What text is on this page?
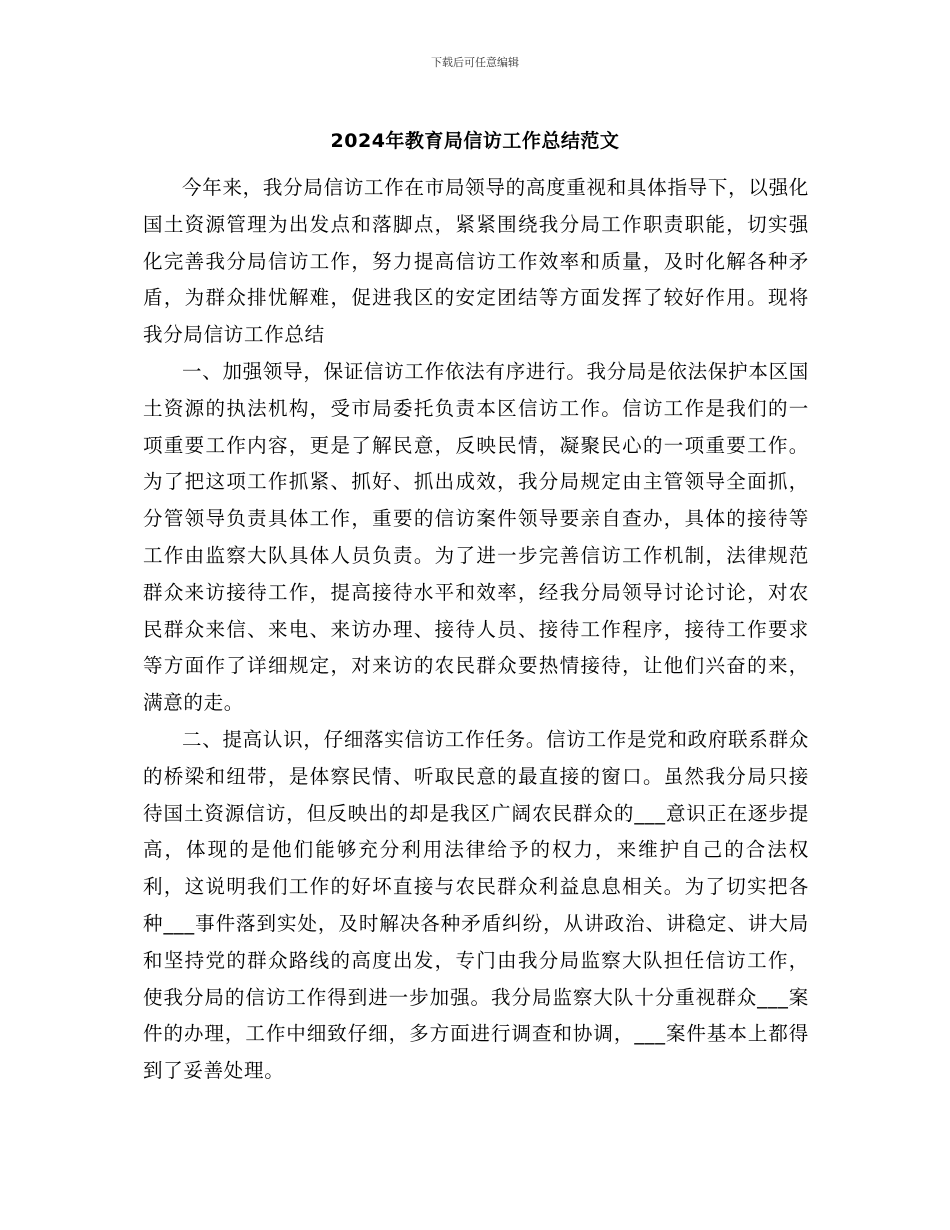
下载后可任意编辑
2024年教育局信访工作总结范文

今年来，我分局信访工作在市局领导的高度重视和具体指导下，以强化国土资源管理为出发点和落脚点，紧紧围绕我分局工作职责职能，切实强化完善我分局信访工作，努力提高信访工作效率和质量，及时化解各种矛盾，为群众排忧解难，促进我区的安定团结等方面发挥了较好作用。现将我分局信访工作总结

一、加强领导，保证信访工作依法有序进行。我分局是依法保护本区国土资源的执法机构，受市局委托负责本区信访工作。信访工作是我们的一项重要工作内容，更是了解民意，反映民情，凝聚民心的一项重要工作。为了把这项工作抓紧、抓好、抓出成效，我分局规定由主管领导全面抓，分管领导负责具体工作，重要的信访案件领导要亲自查办，具体的接待等工作由监察大队具体人员负责。为了进一步完善信访工作机制，法律规范群众来访接待工作，提高接待水平和效率，经我分局领导讨论讨论，对农民群众来信、来电、来访办理、接待人员、接待工作程序，接待工作要求等方面作了详细规定，对来访的农民群众要热情接待，让他们兴奋的来，满意的走。

二、提高认识，仔细落实信访工作任务。信访工作是党和政府联系群众的桥梁和纽带，是体察民情、听取民意的最直接的窗口。虽然我分局只接待国土资源信访，但反映出的却是我区广阔农民群众的___意识正在逐步提高，体现的是他们能够充分利用法律给予的权力，来维护自己的合法权利，这说明我们工作的好坏直接与农民群众利益息息相关。为了切实把各种___事件落到实处，及时解决各种矛盾纠纷，从讲政治、讲稳定、讲大局和坚持党的群众路线的高度出发，专门由我分局监察大队担任信访工作，使我分局的信访工作得到进一步加强。我分局监察大队十分重视群众___案件的办理，工作中细致仔细，多方面进行调查和协调，___案件基本上都得到了妥善处理。
